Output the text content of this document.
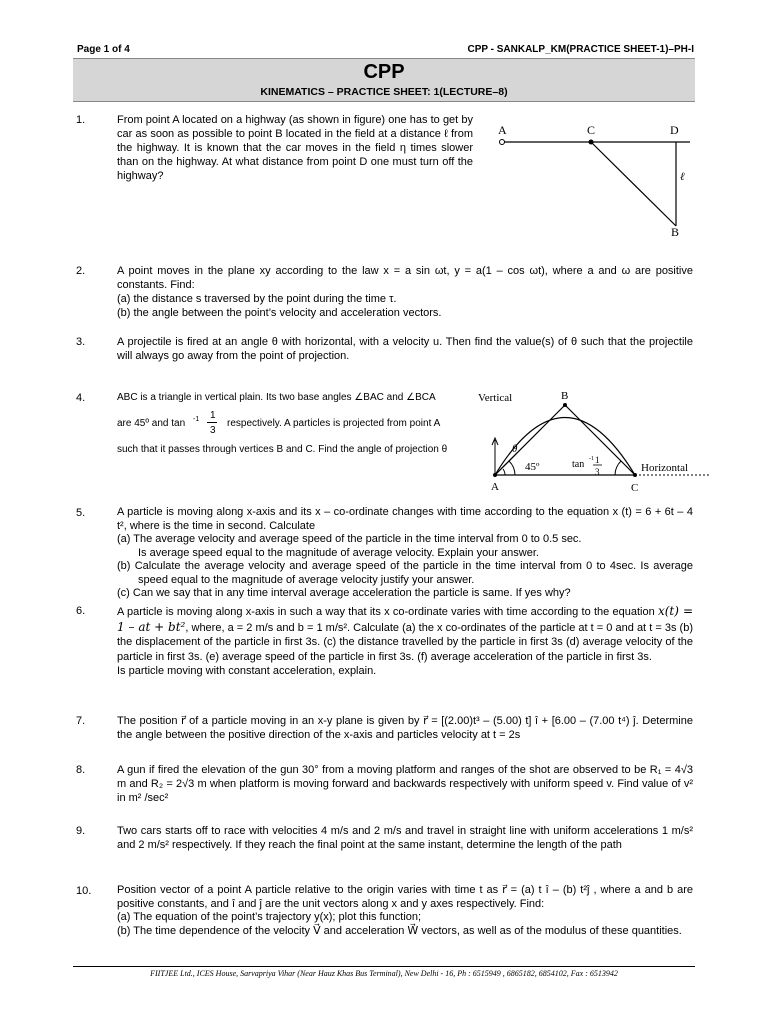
Page 1 of 4	CPP - SANKALP_KM(PRACTICE SHEET-1)–PH-I
CPP
KINEMATICS – PRACTICE SHEET: 1(LECTURE–8)
1.	From point A located on a highway (as shown in figure) one has to get by car as soon as possible to point B located in the field at a distance ℓ from the highway. It is known that the car moves in the field η times slower than on the highway. At what distance from point D one must turn off the highway?
A	C	D
B
ℓ
2.	A point moves in the plane xy according to the law x = a sin ωt, y = a(1 – cos ωt), where a and ω are positive constants. Find:
(a) the distance s traversed by the point during the time τ.
(b) the angle between the point’s velocity and acceleration vectors.
3.	A projectile is fired at an angle θ with horizontal, with a velocity u. Then find the value(s) of θ such that the projectile will always go away from the point of projection.
4.	ABC is a triangle in vertical plain. Its two base angles ∠BAC and ∠BCA
are 45º and tan -1 1
3
respectively. A particles is projected from point A
such that it passes through vertices B and C. Find the angle of projection θ
Vertical
Horizontal
A
B
C
θ
45º	tan -1 1
3
5.	A particle is moving along x-axis and its x – co-ordinate changes with time according to the equation x (t) = 6 + 6t – 4 t², where is the time in second. Calculate
(a) The average velocity and average speed of the particle in the time interval from 0 to 0.5 sec.
Is average speed equal to the magnitude of average velocity. Explain your answer.
(b) Calculate the average velocity and average speed of the particle in the time interval from 0 to 4sec. Is average speed equal to the magnitude of average velocity justify your answer.
(c) Can we say that in any time interval average acceleration the particle is same. If yes why?
6.	A particle is moving along x-axis in such a way that its x co-ordinate varies with time according to the equation x(t) = 1 – at + bt², where, a = 2 m/s and b = 1 m/s². Calculate (a) the x co-ordinates of the particle at t = 0 and at t = 3s (b) the displacement of the particle in first 3s. (c) the distance travelled by the particle in first 3s (d) average velocity of the particle in first 3s. (e) average speed of the particle in first 3s. (f) average acceleration of the particle in first 3s.
Is particle moving with constant acceleration, explain.
7.	The position r⃗ of a particle moving in an x-y plane is given by r⃗ = [(2.00)t³ – (5.00) t] î + [6.00 – (7.00 t⁴) ĵ. Determine the angle between the positive direction of the x-axis and particles velocity at t = 2s
8.	A gun if fired the elevation of the gun 30° from a moving platform and ranges of the shot are observed to be R₁ = 4√3 m and R₂ = 2√3 m when platform is moving forward and backwards respectively with uniform speed v. Find value of v² in m² /sec²
9.	Two cars starts off to race with velocities 4 m/s and 2 m/s and travel in straight line with uniform accelerations 1 m/s² and 2 m/s² respectively. If they reach the final point at the same instant, determine the length of the path
10. Position vector of a point A particle relative to the origin varies with time t as r⃗ = (a) t î – (b) t²ĵ , where a and b are positive constants, and î and ĵ are the unit vectors along x and y axes respectively. Find:
(a) The equation of the point’s trajectory y(x); plot this function;
(b) The time dependence of the velocity V⃗ and acceleration W⃗ vectors, as well as of the modulus of these quantities.
FIITJEE Ltd., ICES House, Sarvapriya Vihar (Near Hauz Khas Bus Terminal), New Delhi - 16, Ph : 6515949 , 6865182, 6854102, Fax : 6513942
